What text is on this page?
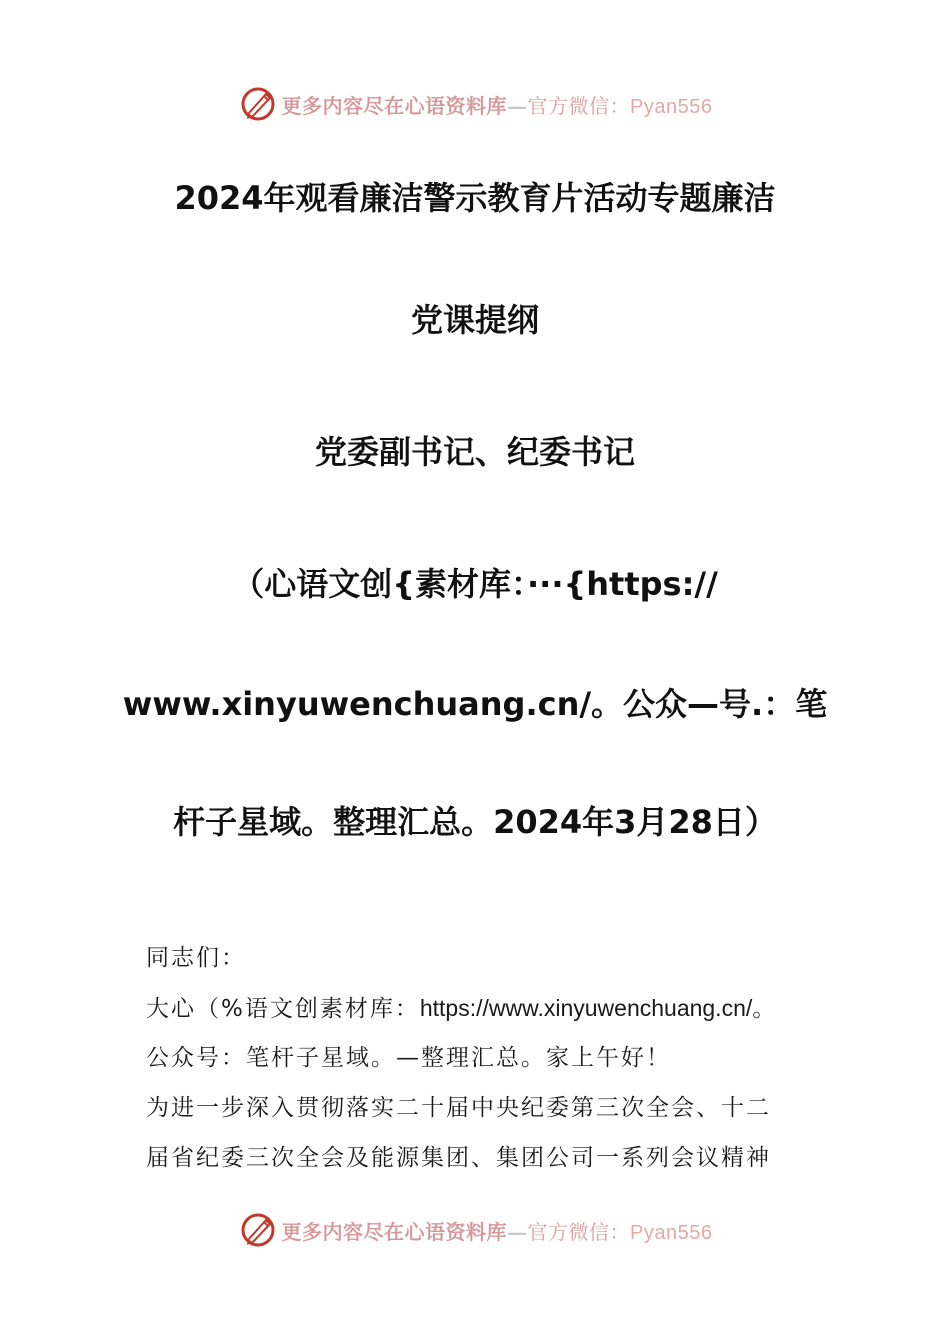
更多内容尽在心语资料库—官方微信：Pyan556
2024年观看廉洁警示教育片活动专题廉洁
党课提纲
党委副书记、纪委书记
（心语文创{素材库：···{https://
www.xinyuwenchuang.cn/。公众—号.：笔
杆子星域。整理汇总。2024年3月28日）
同志们：
大心（%语文创素材库：https://www.xinyuwenchuang.cn/。
公众号：笔杆子星域。—整理汇总。家上午好！
为进一步深入贯彻落实二十届中央纪委第三次全会、十二
届省纪委三次全会及能源集团、集团公司一系列会议精神
更多内容尽在心语资料库—官方微信：Pyan556
